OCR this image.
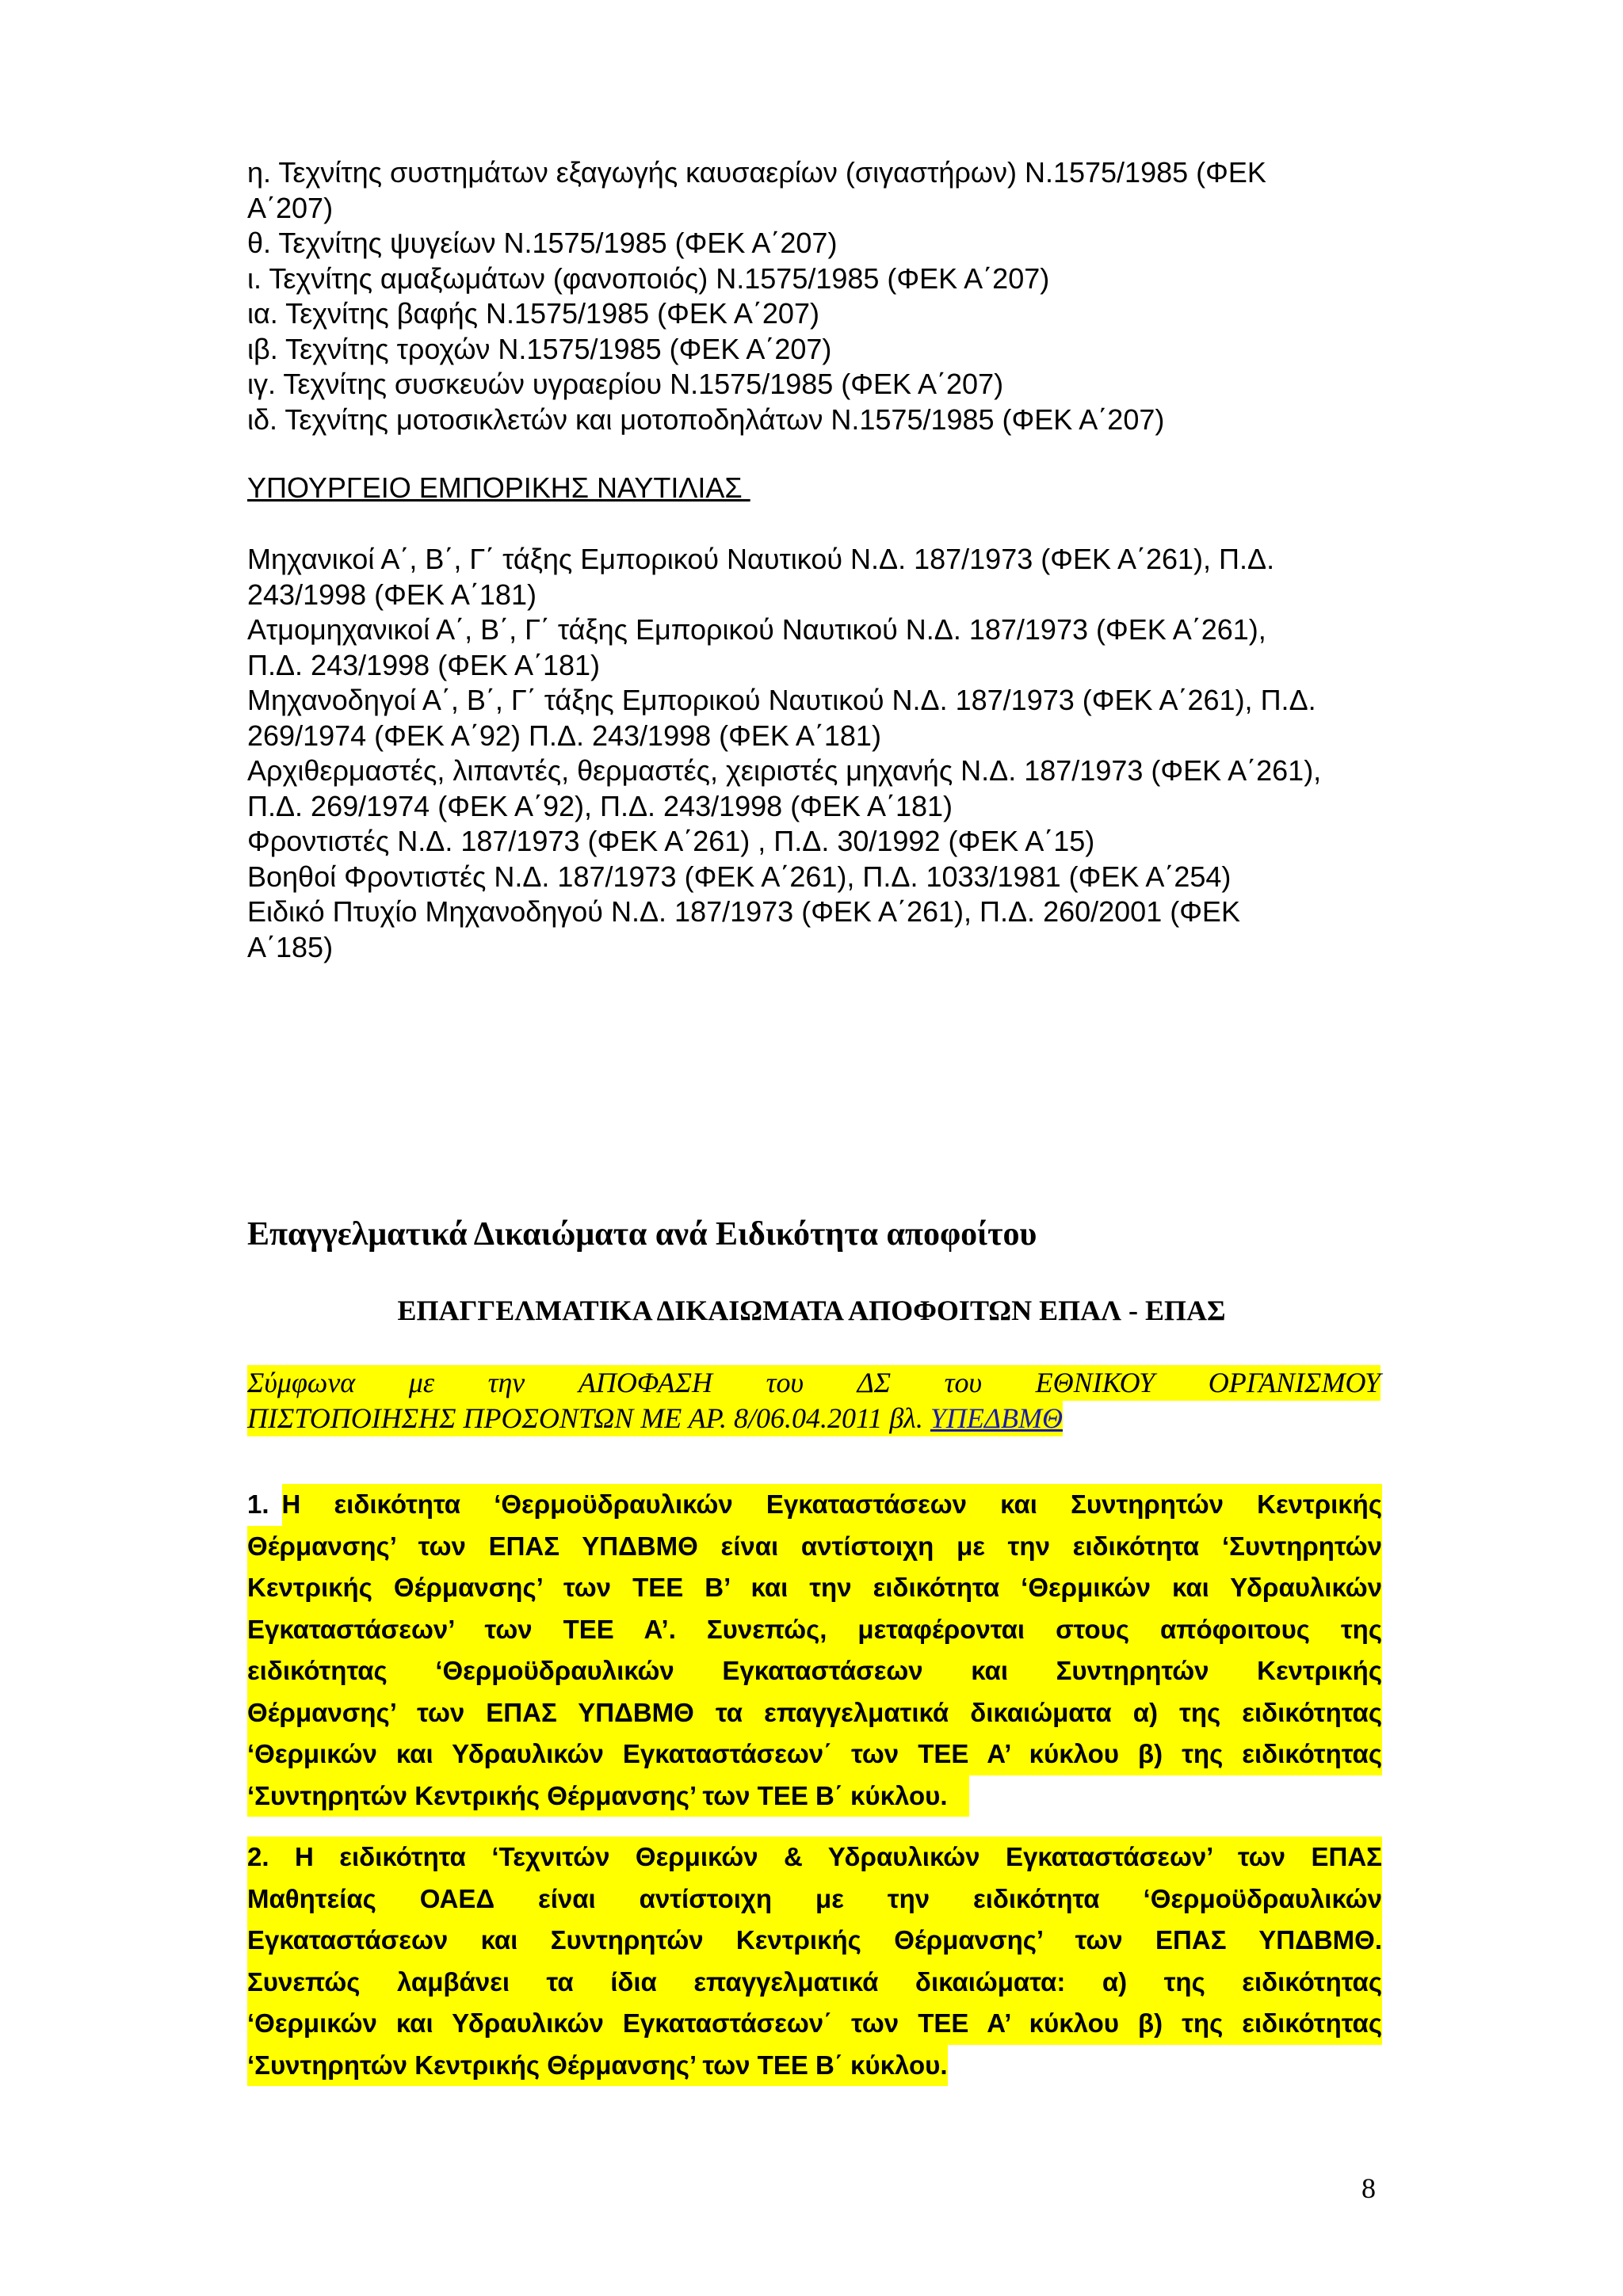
η. Τεχνίτης συστημάτων εξαγωγής καυσαερίων (σιγαστήρων) Ν.1575/1985 (ΦΕΚ
Α΄207)
θ. Τεχνίτης ψυγείων Ν.1575/1985 (ΦΕΚ Α΄207)
ι. Τεχνίτης αμαξωμάτων (φανοποιός) Ν.1575/1985 (ΦΕΚ Α΄207)
ια. Τεχνίτης βαφής Ν.1575/1985 (ΦΕΚ Α΄207)
ιβ. Τεχνίτης τροχών Ν.1575/1985 (ΦΕΚ Α΄207)
ιγ. Τεχνίτης συσκευών υγραερίου Ν.1575/1985 (ΦΕΚ Α΄207)
ιδ. Τεχνίτης μοτοσικλετών και μοτοποδηλάτων Ν.1575/1985 (ΦΕΚ Α΄207)
ΥΠΟΥΡΓΕΙΟ ΕΜΠΟΡΙΚΗΣ ΝΑΥΤΙΛΙΑΣ
Μηχανικοί Α΄, Β΄, Γ΄ τάξης Εμπορικού Ναυτικού Ν.Δ. 187/1973 (ΦΕΚ Α΄261), Π.Δ.
243/1998 (ΦΕΚ Α΄181)
Ατμομηχανικοί Α΄, Β΄, Γ΄ τάξης Εμπορικού Ναυτικού Ν.Δ. 187/1973 (ΦΕΚ Α΄261),
Π.Δ. 243/1998 (ΦΕΚ Α΄181)
Μηχανοδηγοί Α΄, Β΄, Γ΄ τάξης Εμπορικού Ναυτικού Ν.Δ. 187/1973 (ΦΕΚ Α΄261), Π.Δ.
269/1974 (ΦΕΚ Α΄92) Π.Δ. 243/1998 (ΦΕΚ Α΄181)
Αρχιθερμαστές, λιπαντές, θερμαστές, χειριστές μηχανής Ν.Δ. 187/1973 (ΦΕΚ Α΄261),
Π.Δ. 269/1974 (ΦΕΚ Α΄92), Π.Δ. 243/1998 (ΦΕΚ Α΄181)
Φροντιστές Ν.Δ. 187/1973 (ΦΕΚ Α΄261) , Π.Δ. 30/1992 (ΦΕΚ Α΄15)
Βοηθοί Φροντιστές Ν.Δ. 187/1973 (ΦΕΚ Α΄261), Π.Δ. 1033/1981 (ΦΕΚ Α΄254)
Ειδικό Πτυχίο Μηχανοδηγού Ν.Δ. 187/1973 (ΦΕΚ Α΄261), Π.Δ. 260/2001 (ΦΕΚ
Α΄185)
Επαγγελματικά Δικαιώματα ανά Ειδικότητα αποφοίτου
ΕΠΑΓΓΕΛΜΑΤΙΚΑ ΔΙΚΑΙΩΜΑΤΑ ΑΠΟΦΟΙΤΩΝ ΕΠΑΛ - ΕΠΑΣ
Σύμφωνα με την ΑΠΟΦΑΣΗ του ΔΣ του ΕΘΝΙΚΟΥ ΟΡΓΑΝΙΣΜΟΥ
ΠΙΣΤΟΠΟΙΗΣΗΣ ΠΡΟΣΟΝΤΩΝ ΜΕ ΑΡ. 8/06.04.2011 βλ. ΥΠΕΔΒΜΘ
1. Η ειδικότητα ‘Θερμοϋδραυλικών Εγκαταστάσεων και Συντηρητών Κεντρικής
Θέρμανσης’ των ΕΠΑΣ ΥΠΔΒΜΘ είναι αντίστοιχη με την ειδικότητα ‘Συντηρητών
Κεντρικής Θέρμανσης’ των ΤΕΕ Β’ και την ειδικότητα ‘Θερμικών και Υδραυλικών
Εγκαταστάσεων’ των ΤΕΕ Α’. Συνεπώς, μεταφέρονται στους απόφοιτους της
ειδικότητας ‘Θερμοϋδραυλικών Εγκαταστάσεων και Συντηρητών Κεντρικής
Θέρμανσης’ των ΕΠΑΣ ΥΠΔΒΜΘ τα επαγγελματικά δικαιώματα α) της ειδικότητας
‘Θερμικών και Υδραυλικών Εγκαταστάσεων΄ των ΤΕΕ Α’ κύκλου β) της ειδικότητας
‘Συντηρητών Κεντρικής Θέρμανσης’ των ΤΕΕ Β΄ κύκλου.
2. Η ειδικότητα ‘Τεχνιτών Θερμικών & Υδραυλικών Εγκαταστάσεων’ των ΕΠΑΣ
Μαθητείας ΟΑΕΔ είναι αντίστοιχη με την ειδικότητα ‘Θερμοϋδραυλικών
Εγκαταστάσεων και Συντηρητών Κεντρικής Θέρμανσης’ των ΕΠΑΣ ΥΠΔΒΜΘ.
Συνεπώς λαμβάνει τα ίδια επαγγελματικά δικαιώματα: α) της ειδικότητας
‘Θερμικών και Υδραυλικών Εγκαταστάσεων΄ των ΤΕΕ Α’ κύκλου β) της ειδικότητας
‘Συντηρητών Κεντρικής Θέρμανσης’ των ΤΕΕ Β΄ κύκλου.
8
